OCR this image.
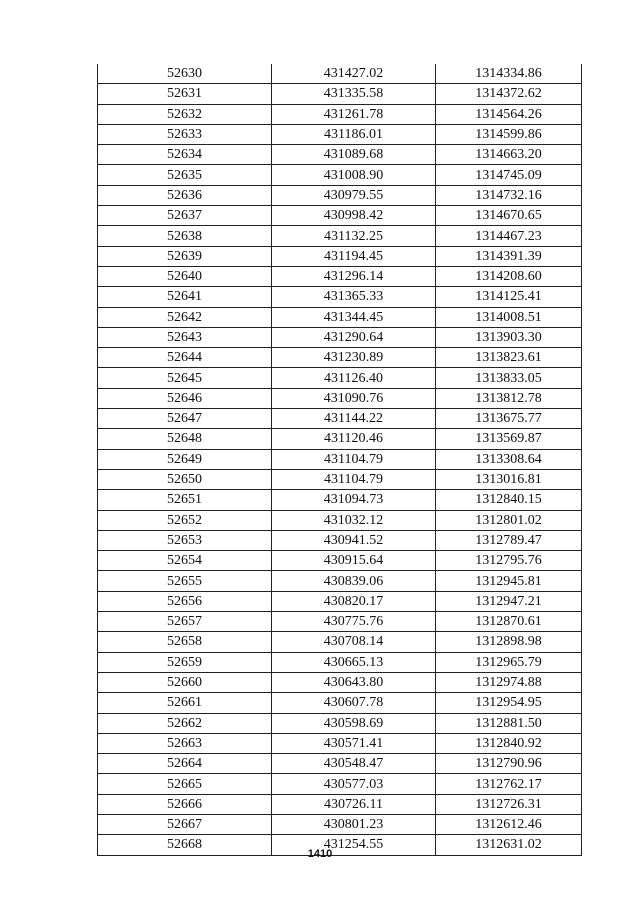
52630	431427.02	1314334.86
52631	431335.58	1314372.62
52632	431261.78	1314564.26
52633	431186.01	1314599.86
52634	431089.68	1314663.20
52635	431008.90	1314745.09
52636	430979.55	1314732.16
52637	430998.42	1314670.65
52638	431132.25	1314467.23
52639	431194.45	1314391.39
52640	431296.14	1314208.60
52641	431365.33	1314125.41
52642	431344.45	1314008.51
52643	431290.64	1313903.30
52644	431230.89	1313823.61
52645	431126.40	1313833.05
52646	431090.76	1313812.78
52647	431144.22	1313675.77
52648	431120.46	1313569.87
52649	431104.79	1313308.64
52650	431104.79	1313016.81
52651	431094.73	1312840.15
52652	431032.12	1312801.02
52653	430941.52	1312789.47
52654	430915.64	1312795.76
52655	430839.06	1312945.81
52656	430820.17	1312947.21
52657	430775.76	1312870.61
52658	430708.14	1312898.98
52659	430665.13	1312965.79
52660	430643.80	1312974.88
52661	430607.78	1312954.95
52662	430598.69	1312881.50
52663	430571.41	1312840.92
52664	430548.47	1312790.96
52665	430577.03	1312762.17
52666	430726.11	1312726.31
52667	430801.23	1312612.46
52668	431254.55	1312631.02
1410
